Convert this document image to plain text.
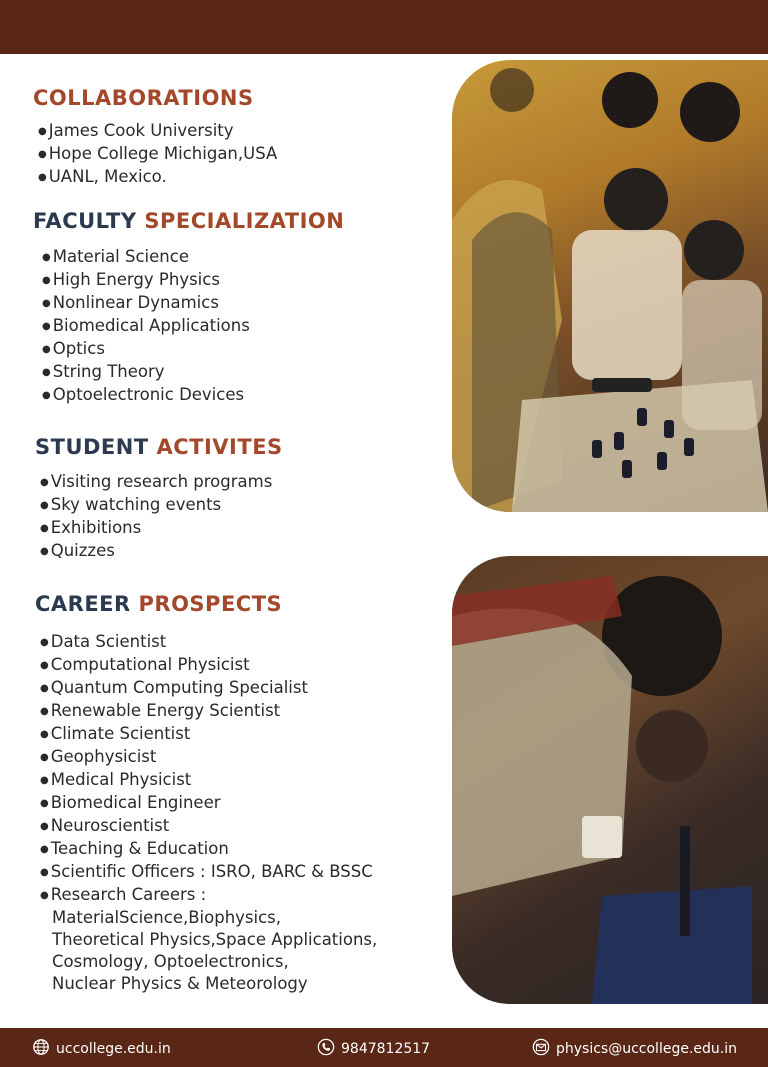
COLLABORATIONS
● James Cook University
● Hope College Michigan,USA
● UANL, Mexico.
FACULTY SPECIALIZATION
● Material Science
● High Energy Physics
● Nonlinear Dynamics
● Biomedical Applications
● Optics
● String Theory
● Optoelectronic Devices
STUDENT ACTIVITES
● Visiting research programs
● Sky watching events
● Exhibitions
● Quizzes
CAREER PROSPECTS
● Data Scientist
● Computational Physicist
● Quantum Computing Specialist
● Renewable Energy Scientist
● Climate Scientist
● Geophysicist
● Medical Physicist
● Biomedical Engineer
● Neuroscientist
● Teaching & Education
● Scientific Officers : ISRO, BARC & BSSC
● Research Careers :
MaterialScience,Biophysics,
Theoretical Physics,Space Applications,
Cosmology, Optoelectronics,
Nuclear Physics & Meteorology
uccollege.edu.in	9847812517	physics@uccollege.edu.in
